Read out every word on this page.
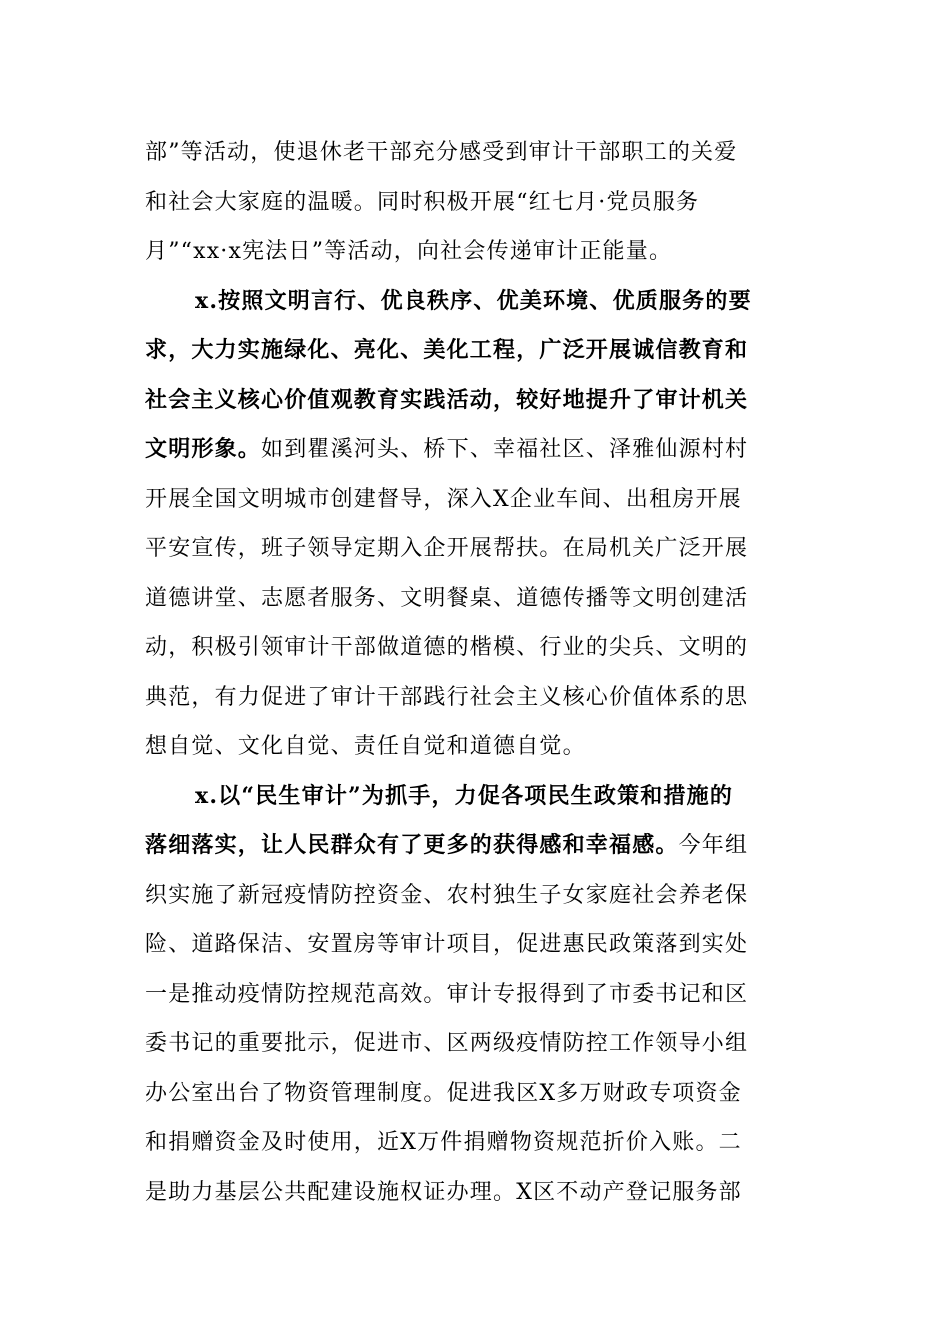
部”等活动，使退休老干部充分感受到审计干部职工的关爱
和社会大家庭的温暖。同时积极开展“红七月·党员服务
月”“xx·x宪法日”等活动，向社会传递审计正能量。
x.按照文明言行、优良秩序、优美环境、优质服务的要
求，大力实施绿化、亮化、美化工程，广泛开展诚信教育和
社会主义核心价值观教育实践活动，较好地提升了审计机关
文明形象。如到瞿溪河头、桥下、幸福社区、泽雅仙源村村
开展全国文明城市创建督导，深入X企业车间、出租房开展
平安宣传，班子领导定期入企开展帮扶。在局机关广泛开展
道德讲堂、志愿者服务、文明餐桌、道德传播等文明创建活
动，积极引领审计干部做道德的楷模、行业的尖兵、文明的
典范，有力促进了审计干部践行社会主义核心价值体系的思
想自觉、文化自觉、责任自觉和道德自觉。
x.以“民生审计”为抓手，力促各项民生政策和措施的
落细落实，让人民群众有了更多的获得感和幸福感。今年组
织实施了新冠疫情防控资金、农村独生子女家庭社会养老保
险、道路保洁、安置房等审计项目，促进惠民政策落到实处
一是推动疫情防控规范高效。审计专报得到了市委书记和区
委书记的重要批示，促进市、区两级疫情防控工作领导小组
办公室出台了物资管理制度。促进我区X多万财政专项资金
和捐赠资金及时使用，近X万件捐赠物资规范折价入账。二
是助力基层公共配建设施权证办理。X区不动产登记服务部
